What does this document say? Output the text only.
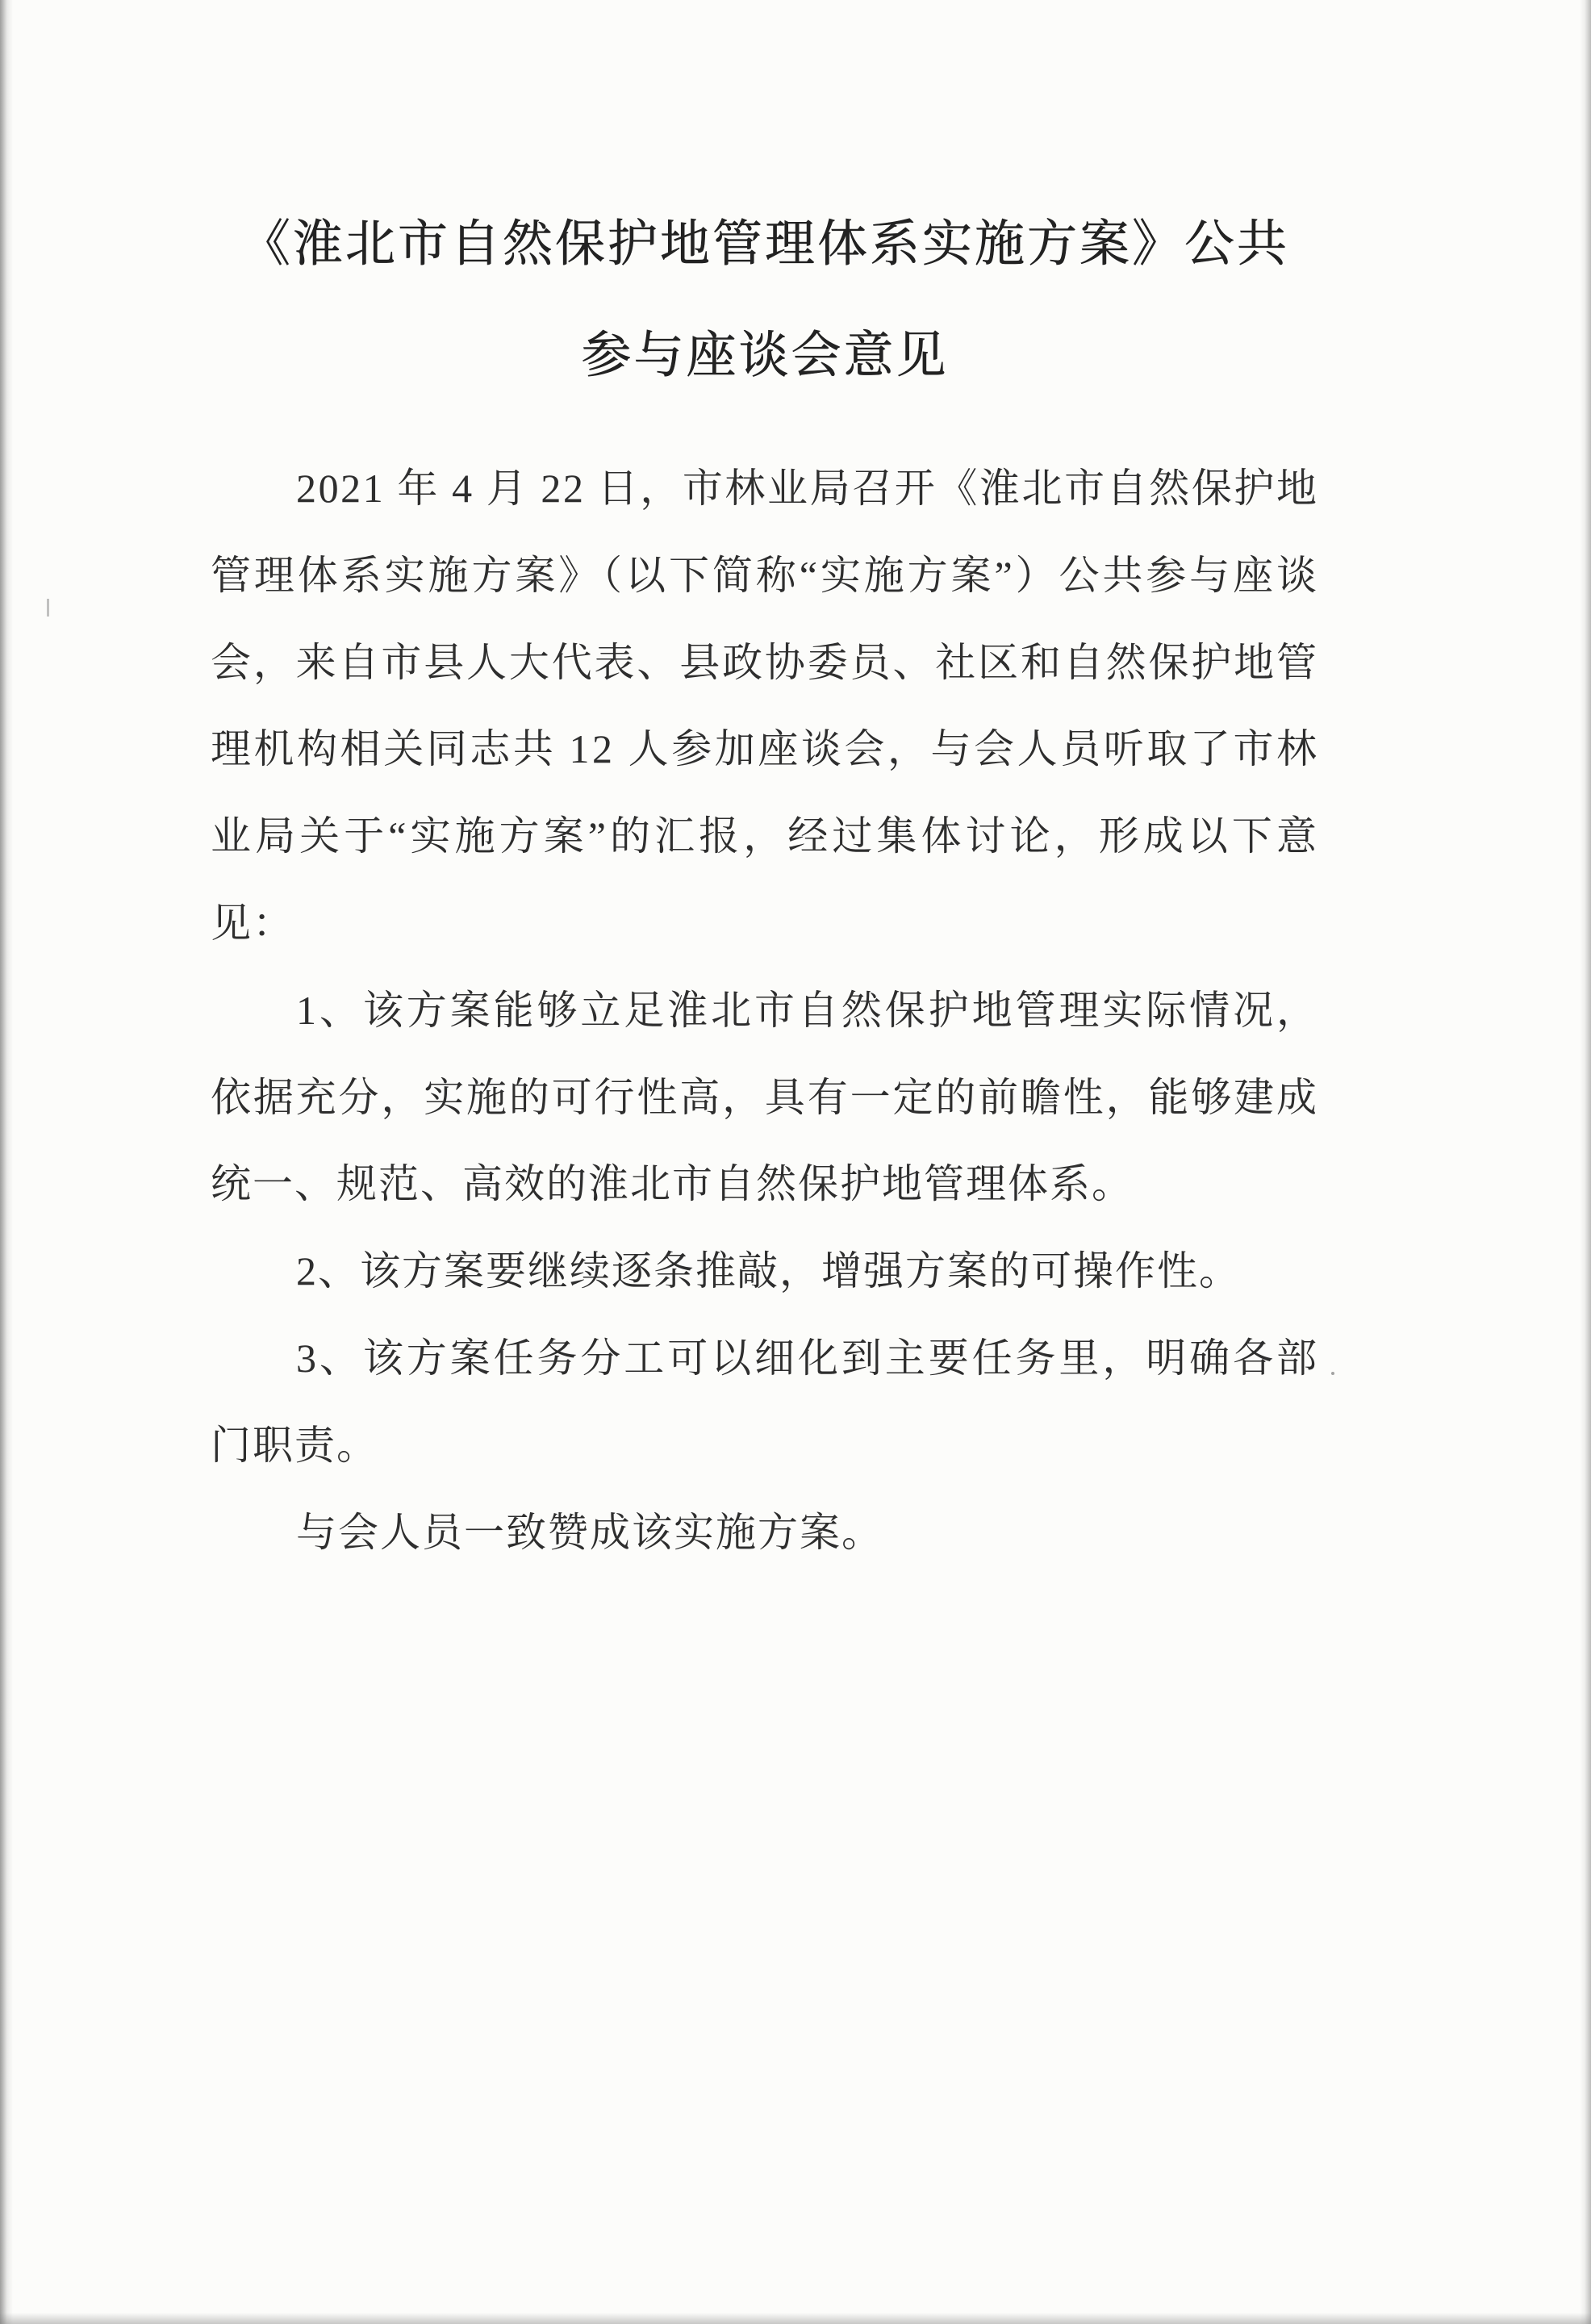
《淮北市自然保护地管理体系实施方案》公共
参与座谈会意见
2021 年 4 月 22 日，市林业局召开《淮北市自然保护地
管理体系实施方案》（以下简称“实施方案”）公共参与座谈
会，来自市县人大代表、县政协委员、社区和自然保护地管
理机构相关同志共 12 人参加座谈会，与会人员听取了市林
业局关于“实施方案”的汇报，经过集体讨论，形成以下意
见：
1、该方案能够立足淮北市自然保护地管理实际情况，
依据充分，实施的可行性高，具有一定的前瞻性，能够建成
统一、规范、高效的淮北市自然保护地管理体系。
2、该方案要继续逐条推敲，增强方案的可操作性。
3、该方案任务分工可以细化到主要任务里，明确各部
门职责。
与会人员一致赞成该实施方案。
